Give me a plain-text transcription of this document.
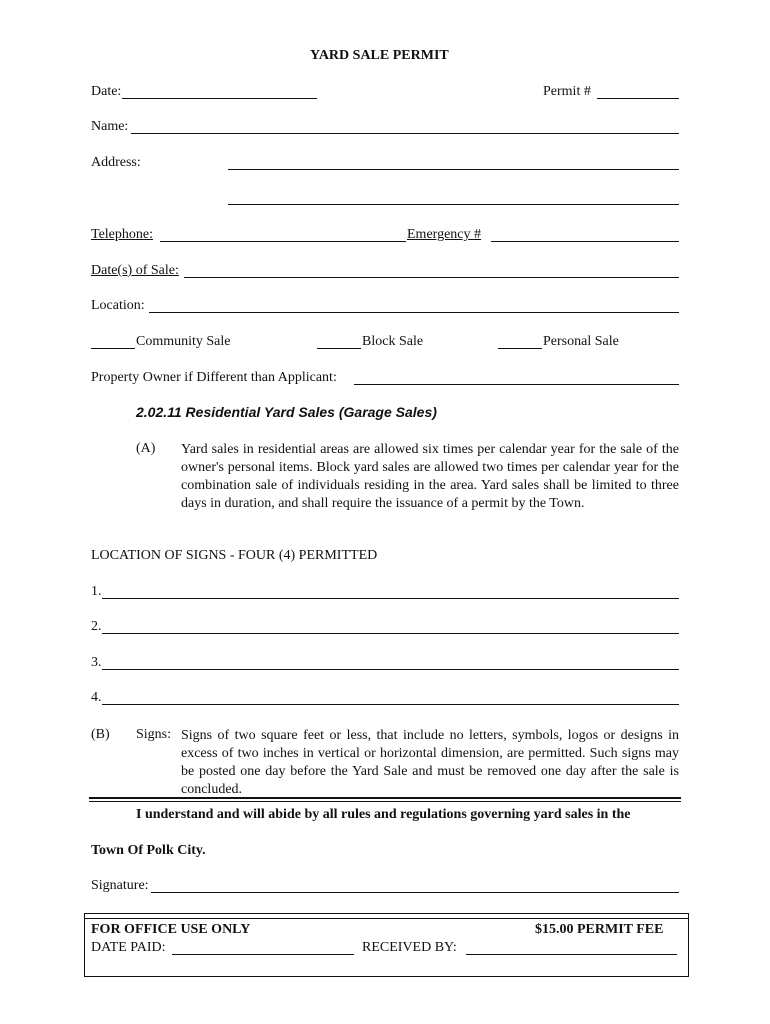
YARD SALE PERMIT
Date:	Permit #
Name:
Address:
Telephone:	Emergency #
Date(s) of Sale:
Location:
Community Sale	Block Sale	Personal Sale
Property Owner if Different than Applicant:
2.02.11 Residential Yard Sales (Garage Sales)
(A) Yard sales in residential areas are allowed six times per calendar year for the sale of the owner's personal items. Block yard sales are allowed two times per calendar year for the combination sale of individuals residing in the area. Yard sales shall be limited to three days in duration, and shall require the issuance of a permit by the Town.
LOCATION OF SIGNS - FOUR (4) PERMITTED
1.
2.
3.
4.
(B) Signs: Signs of two square feet or less, that include no letters, symbols, logos or designs in excess of two inches in vertical or horizontal dimension, are permitted. Such signs may be posted one day before the Yard Sale and must be removed one day after the sale is concluded.
I understand and will abide by all rules and regulations governing yard sales in the
Town Of Polk City.
Signature:
FOR OFFICE USE ONLY	$15.00 PERMIT FEE
DATE PAID:	RECEIVED BY:
